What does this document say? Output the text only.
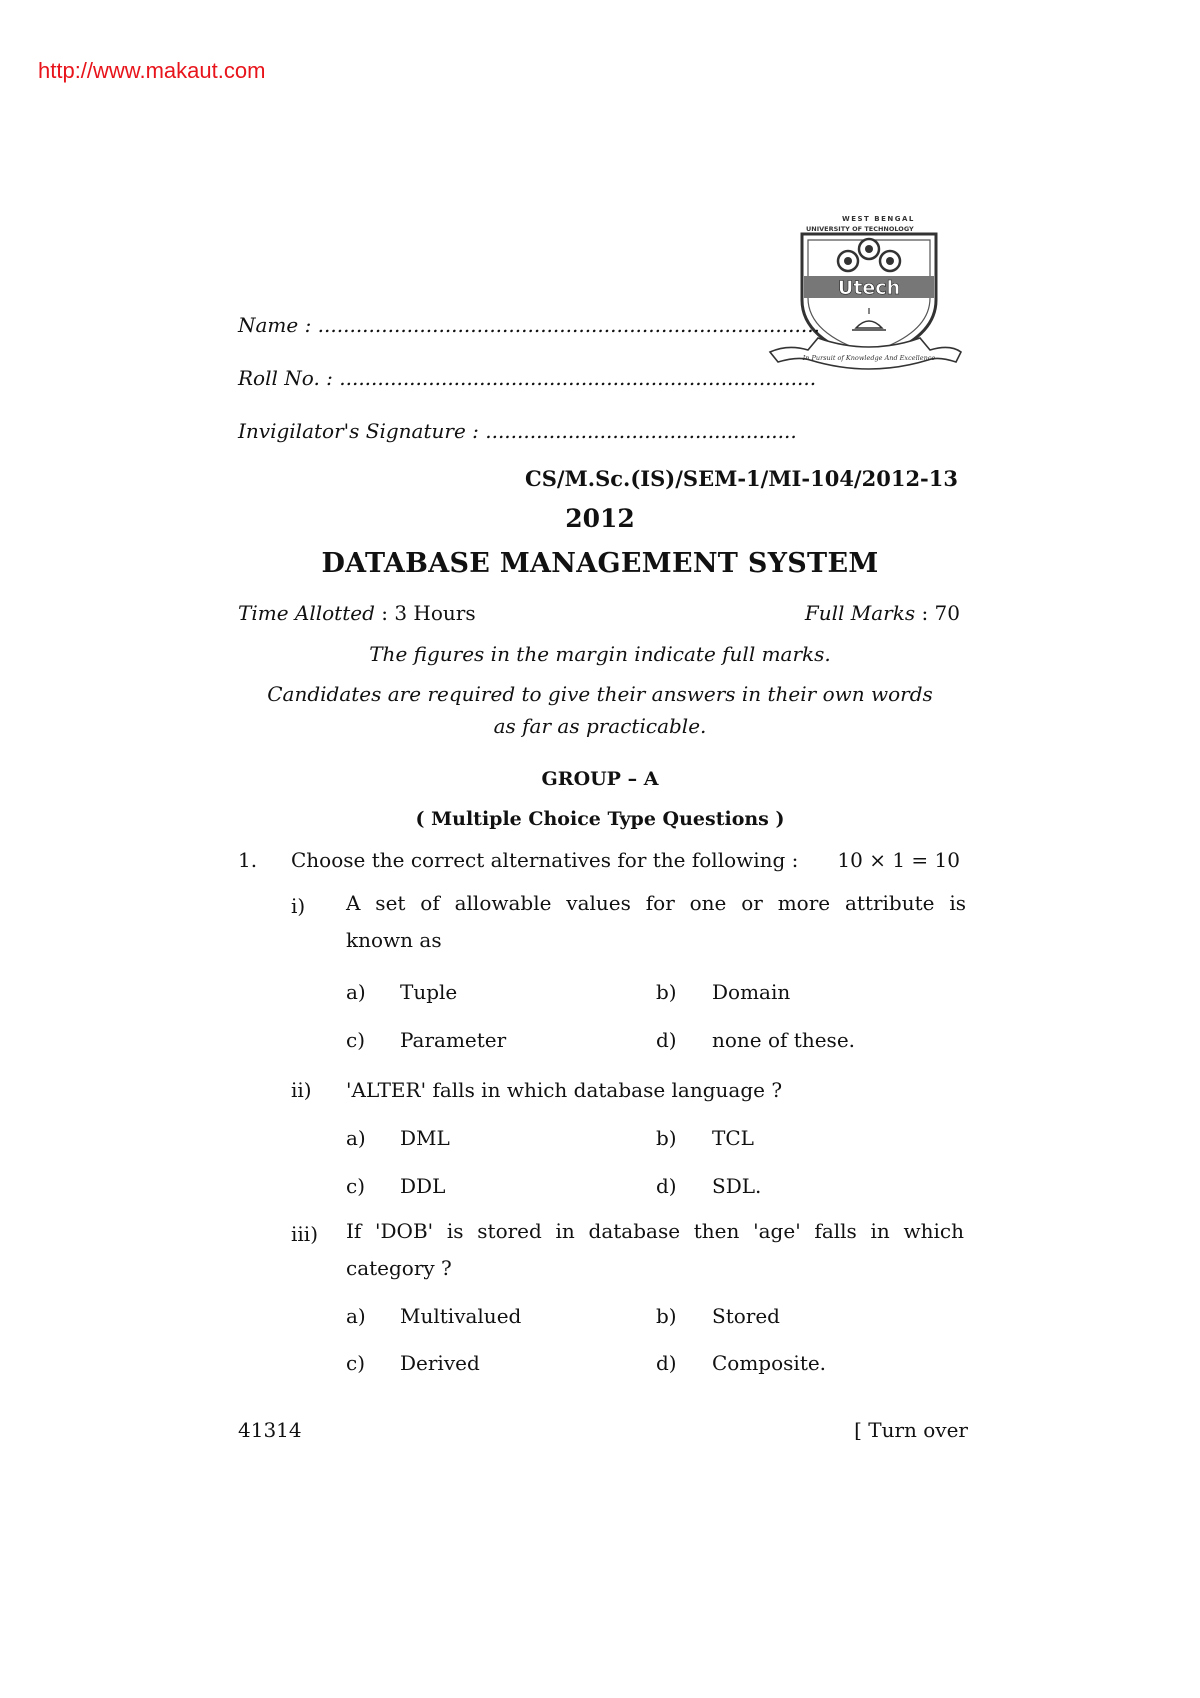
http://www.makaut.com
WEST BENGAL
UNIVERSITY OF TECHNOLOGY
Utech
In Pursuit of Knowledge And Excellence
Name : ...............................................................................
Roll No. : ...........................................................................
Invigilator's Signature : .................................................
CS/M.Sc.(IS)/SEM-1/MI-104/2012-13
2012
DATABASE MANAGEMENT SYSTEM
Time Allotted : 3 Hours	Full Marks : 70
The figures in the margin indicate full marks.
Candidates are required to give their answers in their own words
as far as practicable.
GROUP – A
( Multiple Choice Type Questions )
1. Choose the correct alternatives for the following : 10 × 1 = 10
i) A set of allowable values for one or more attribute is
known as
a) Tuple	b) Domain
c) Parameter	d) none of these.
ii) 'ALTER' falls in which database language ?
a) DML	b) TCL
c) DDL	d) SDL.
iii) If 'DOB' is stored in database then 'age' falls in which
category ?
a) Multivalued	b) Stored
c) Derived	d) Composite.
41314	[ Turn over
